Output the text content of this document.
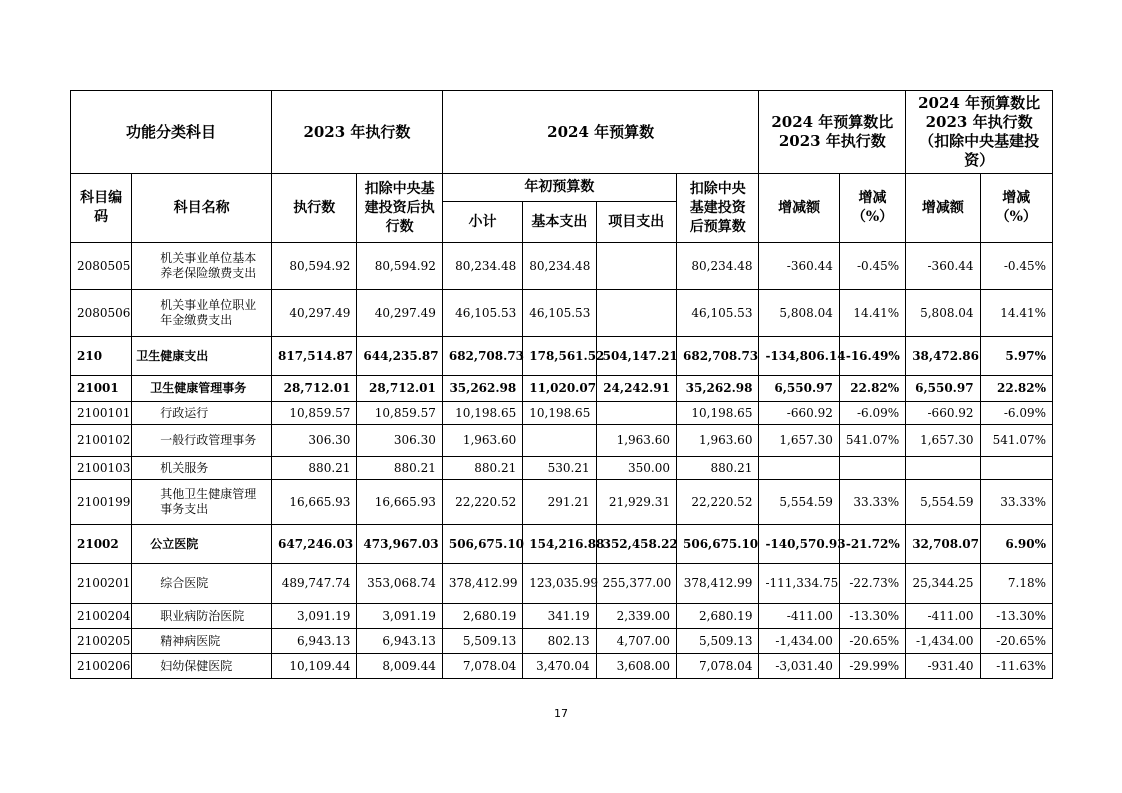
功能分类科目		2023 年执行数		2024 年预算数				2024 年预算数比 2023 年执行数		2024 年预算数比 2023 年执行数 （扣除中央基建投资）	
科目编码	科目名称	执行数	扣除中央基建投资后执行数	年初预算数			扣除中央基建投资后预算数	增减额	增减（%）	增减额	增减（%）
				小计	基本支出	项目支出					
2080505	机关事业单位基本养老保险缴费支出	80,594.92	80,594.92	80,234.48	80,234.48		80,234.48	-360.44	-0.45%	-360.44	-0.45%
2080506	机关事业单位职业年金缴费支出	40,297.49	40,297.49	46,105.53	46,105.53		46,105.53	5,808.04	14.41%	5,808.04	14.41%
210	卫生健康支出	817,514.87	644,235.87	682,708.73	178,561.52	504,147.21	682,708.73	-134,806.14	-16.49%	38,472.86	5.97%
21001	卫生健康管理事务	28,712.01	28,712.01	35,262.98	11,020.07	24,242.91	35,262.98	6,550.97	22.82%	6,550.97	22.82%
2100101	行政运行	10,859.57	10,859.57	10,198.65	10,198.65		10,198.65	-660.92	-6.09%	-660.92	-6.09%
2100102	一般行政管理事务	306.30	306.30	1,963.60		1,963.60	1,963.60	1,657.30	541.07%	1,657.30	541.07%
2100103	机关服务	880.21	880.21	880.21	530.21	350.00	880.21				
2100199	其他卫生健康管理事务支出	16,665.93	16,665.93	22,220.52	291.21	21,929.31	22,220.52	5,554.59	33.33%	5,554.59	33.33%
21002	公立医院	647,246.03	473,967.03	506,675.10	154,216.88	352,458.22	506,675.10	-140,570.93	-21.72%	32,708.07	6.90%
2100201	综合医院	489,747.74	353,068.74	378,412.99	123,035.99	255,377.00	378,412.99	-111,334.75	-22.73%	25,344.25	7.18%
2100204	职业病防治医院	3,091.19	3,091.19	2,680.19	341.19	2,339.00	2,680.19	-411.00	-13.30%	-411.00	-13.30%
2100205	精神病医院	6,943.13	6,943.13	5,509.13	802.13	4,707.00	5,509.13	-1,434.00	-20.65%	-1,434.00	-20.65%
2100206	妇幼保健医院	10,109.44	8,009.44	7,078.04	3,470.04	3,608.00	7,078.04	-3,031.40	-29.99%	-931.40	-11.63%
17
